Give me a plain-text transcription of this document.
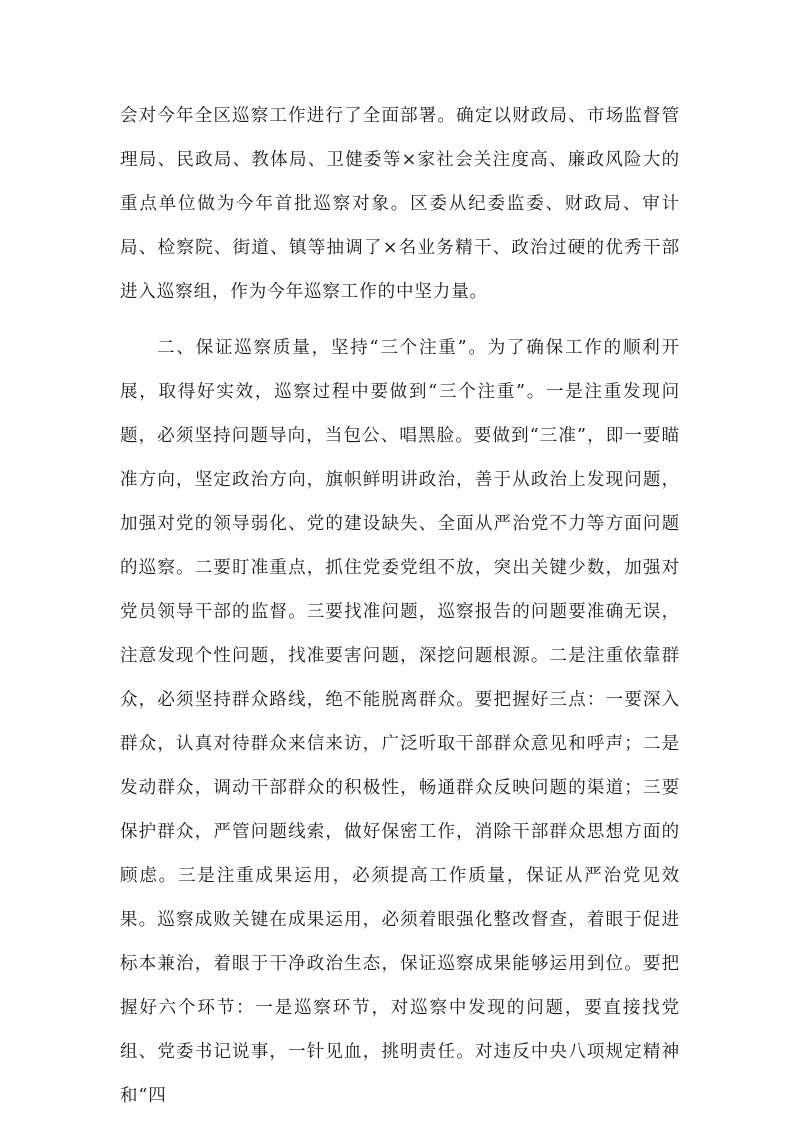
会对今年全区巡察工作进行了全面部署。确定以财政局、市场监督管理局、民政局、教体局、卫健委等×家社会关注度高、廉政风险大的重点单位做为今年首批巡察对象。区委从纪委监委、财政局、审计局、检察院、街道、镇等抽调了×名业务精干、政治过硬的优秀干部进入巡察组，作为今年巡察工作的中坚力量。

二、保证巡察质量，坚持“三个注重”。为了确保工作的顺利开展，取得好实效，巡察过程中要做到“三个注重”。一是注重发现问题，必须坚持问题导向，当包公、唱黑脸。要做到“三准”，即一要瞄准方向，坚定政治方向，旗帜鲜明讲政治，善于从政治上发现问题，加强对党的领导弱化、党的建设缺失、全面从严治党不力等方面问题的巡察。二要盯准重点，抓住党委党组不放，突出关键少数，加强对党员领导干部的监督。三要找准问题，巡察报告的问题要准确无误，注意发现个性问题，找准要害问题，深挖问题根源。二是注重依靠群众，必须坚持群众路线，绝不能脱离群众。要把握好三点：一要深入群众，认真对待群众来信来访，广泛听取干部群众意见和呼声；二是发动群众，调动干部群众的积极性，畅通群众反映问题的渠道；三要保护群众，严管问题线索，做好保密工作，消除干部群众思想方面的顾虑。三是注重成果运用，必须提高工作质量，保证从严治党见效果。巡察成败关键在成果运用，必须着眼强化整改督查，着眼于促进标本兼治，着眼于干净政治生态，保证巡察成果能够运用到位。要把握好六个环节：一是巡察环节，对巡察中发现的问题，要直接找党组、党委书记说事，一针见血，挑明责任。对违反中央八项规定精神和“四
